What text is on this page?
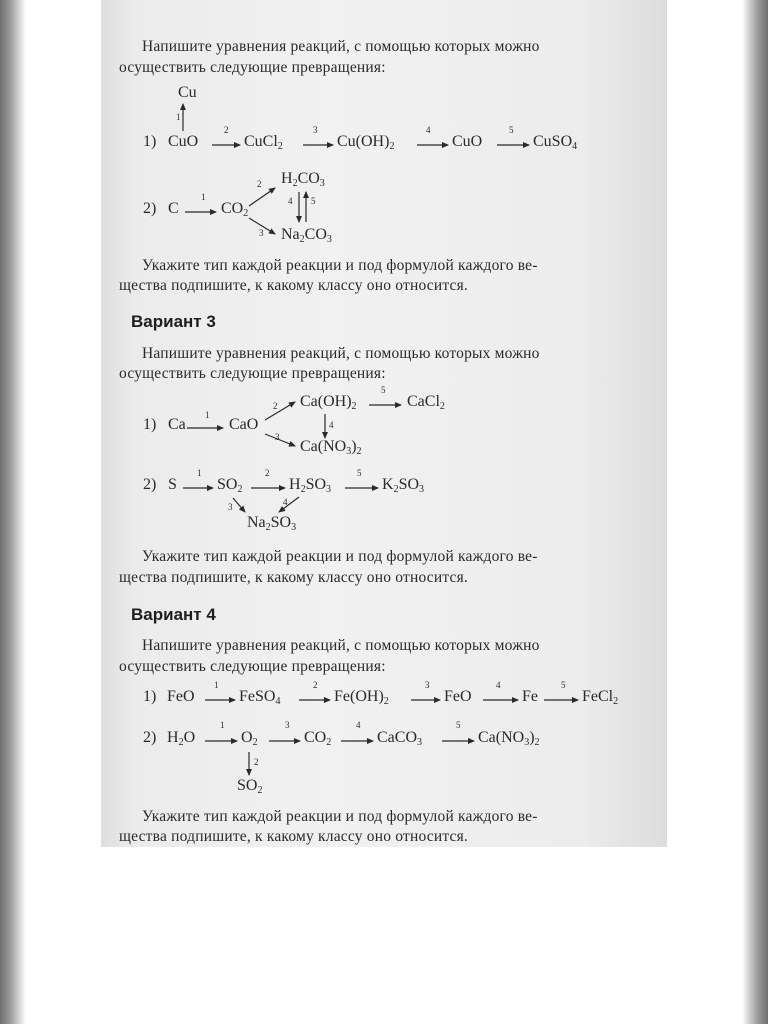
Напишите уравнения реакций, с помощью которых можно
осуществить следующие превращения:
Cu
1
1) CuO
2
CuCl$_2$
3
$Cu(OH)_2$
4
CuO
5
CuSO$_4$
$H_2CO_3$
2
2) C
1
$CO_2$
4 5
3 $Na_2CO_3$
Укажите тип каждой реакции и под формулой каждого ве-
щества подпишите, к какому классу оно относится.
Вариант 3
Напишите уравнения реакций, с помощью которых можно
осуществить следующие превращения:
5
$Ca(OH)_2$	CaCl$_2$
2
1
1) Ca	CaO	4
3
$Ca(NO_3)_2$
1	2	5
2) S	$SO_2$	$H_2SO_3$	$K_2SO_3$
4
3
$Na_2SO_3$
Укажите тип каждой реакции и под формулой каждого ве-
щества подпишите, к какому классу оно относится.
Вариант 4
Напишите уравнения реакций, с помощью которых можно
осуществить следующие превращения:
1	2	3	4	5
1) FeO	FeSO$_4$	$Fe(OH)_2$	FeO	Fe	FeCl$_2$
1	3	4	5
2) $H_2O$	$O_2$	$CO_2$	CaCO$_3$	$Ca(NO_3)_2$
2
$SO_2$
Укажите тип каждой реакции и под формулой каждого ве-
щества подпишите, к какому классу оно относится.
